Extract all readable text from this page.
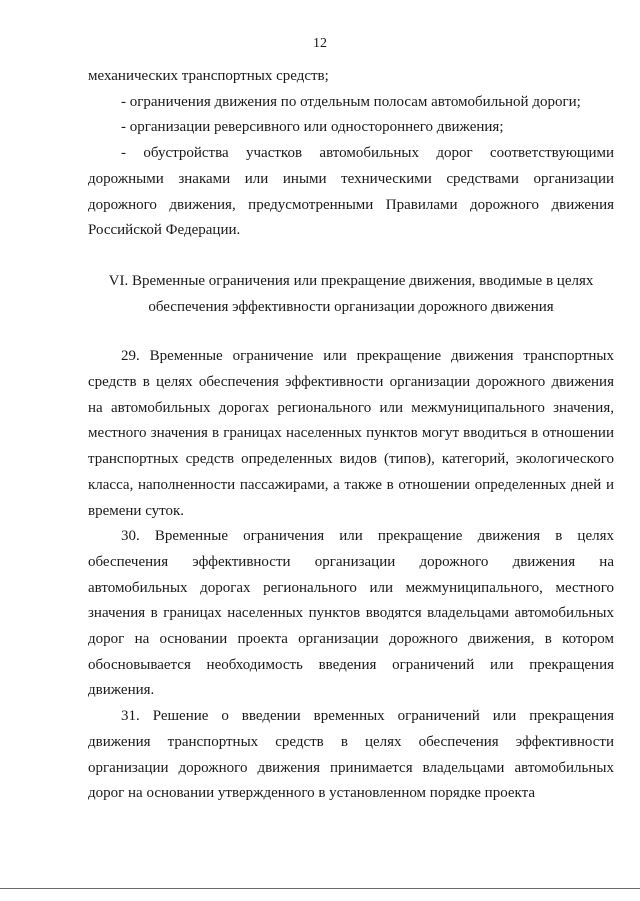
12

механических транспортных средств;

- ограничения движения по отдельным полосам автомобильной дороги;

- организации реверсивного или одностороннего движения;

- обустройства участков автомобильных дорог соответствующими дорожными знаками или иными техническими средствами организации дорожного движения, предусмотренными Правилами дорожного движения Российской Федерации.

VI. Временные ограничения или прекращение движения, вводимые в целях
обеспечения эффективности организации дорожного движения

29. Временные ограничение или прекращение движения транспортных средств в целях обеспечения эффективности организации дорожного движения на автомобильных дорогах регионального или межмуниципального значения, местного значения в границах населенных пунктов могут вводиться в отношении транспортных средств определенных видов (типов), категорий, экологического класса, наполненности пассажирами, а также в отношении определенных дней и времени суток.

30. Временные ограничения или прекращение движения в целях обеспечения эффективности организации дорожного движения на автомобильных дорогах регионального или межмуниципального, местного значения в границах населенных пунктов вводятся владельцами автомобильных дорог на основании проекта организации дорожного движения, в котором обосновывается необходимость введения ограничений или прекращения движения.

31. Решение о введении временных ограничений или прекращения движения транспортных средств в целях обеспечения эффективности организации дорожного движения принимается владельцами автомобильных дорог на основании утвержденного в установленном порядке проекта
